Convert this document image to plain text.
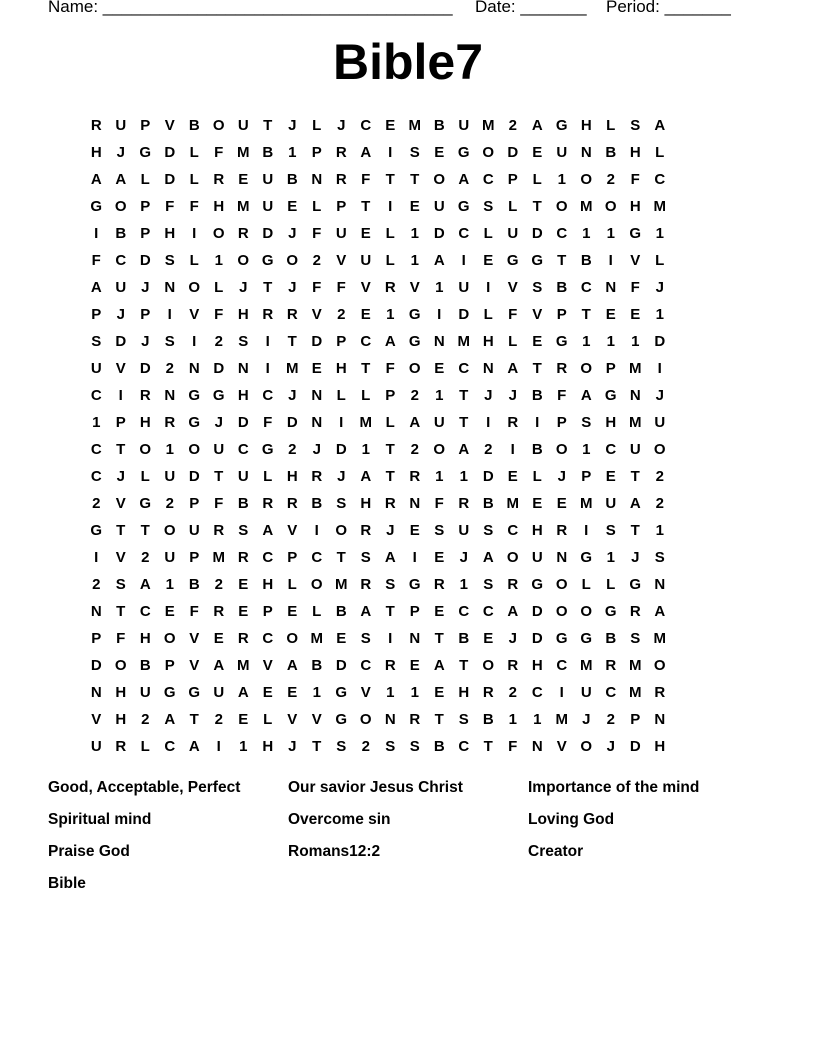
Name: _____________________________________ Date: _______ Period: _______
Bible7
R U P V B O U T	J	L	J C E M B U M 2 A G H L S A
H J G D L	F M B 1	P R A	I	S E G O D E U N B H L
A A L D L R E U B N R F	T	T O A C P L	1 O 2	F C
G O P F	F H M U E L P T	I	E U G S L	T O M O H M
I	B P H	I	O R D J	F U E L	1 D C L U D C 1	1 G 1
F C D S L	1 O G O 2	V U L	1 A	I	E G G T B	I	V L
A U J N O L	J	T	J	F	F V R V	1 U	I	V S B C N F	J
P	J	P	I	V F H R R V	2	E	1 G	I	D L	F V P T E E	1
S D J	S	I	2	S	I	T D P C A G N M H L E G 1	1	1 D
U V D 2 N D N	I	M E H T	F O E C N A T R O P M	I
C	I	R N G G H C J N L	L P	2	1	T	J	J B F A G N J
1	P H R G J D F D N	I	M L A U T	I	R	I	P S H M U
C T O 1 O U C G 2	J D 1	T	2 O A 2	I	B O 1 C U O
C J	L U D T U L H R J A T R 1	1 D E L	J	P E T	2
2	V G 2	P F B R R B S H R N F R B M E E M U A 2
G T	T O U R S A V	I	O R J	E S U S C H R	I	S T	1
I	V	2 U P M R C P C T S A	I	E	J A O U N G 1	J	S
2	S A 1 B 2	E H L O M R S G R 1	S R G O L	L G N
N T C E F R E P E L B A T P E C C A D O O G R A
P F H O V E R C O M E S	I	N T B E	J D G G B S M
D O B P V A M V A B D C R E A T O R H C M R M O
N H U G G U A E E	1 G V	1	1	E H R 2 C	I	U C M R
V H 2 A T	2	E L V V G O N R T S B 1	1 M J	2	P N
U R L C A	I	1 H J	T S	2	S S B C T	F N V O J D H
Good, Acceptable, Perfect	Our savior Jesus Christ	Importance of the mind
Spiritual mind	Overcome sin	Loving God
Praise God	Romans12:2	Creator
Bible
